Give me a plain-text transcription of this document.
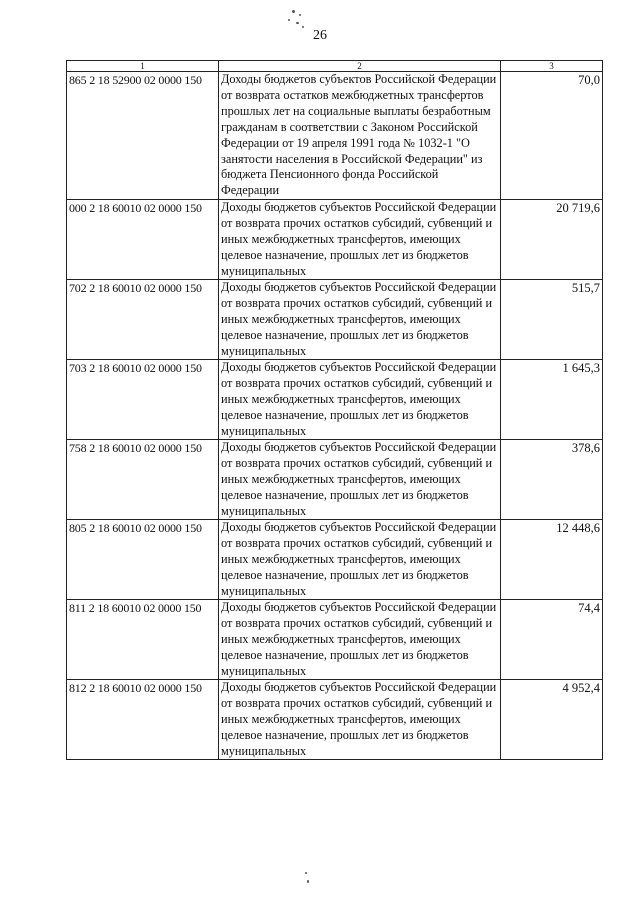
26
1	2	3
865 2 18 52900 02 0000 150	Доходы бюджетов субъектов Российской Федерации от возврата остатков межбюджетных трансфертов прошлых лет на социальные выплаты безработным гражданам в соответствии с Законом Российской Федерации от 19 апреля 1991 года № 1032-1 "О занятости населения в Российской Федерации" из бюджета Пенсионного фонда Российской Федерации	70,0
000 2 18 60010 02 0000 150	Доходы бюджетов субъектов Российской Федерации от возврата прочих остатков субсидий, субвенций и иных межбюджетных трансфертов, имеющих целевое назначение, прошлых лет из бюджетов муниципальных	20 719,6
702 2 18 60010 02 0000 150	Доходы бюджетов субъектов Российской Федерации от возврата прочих остатков субсидий, субвенций и иных межбюджетных трансфертов, имеющих целевое назначение, прошлых лет из бюджетов муниципальных	515,7
703 2 18 60010 02 0000 150	Доходы бюджетов субъектов Российской Федерации от возврата прочих остатков субсидий, субвенций и иных межбюджетных трансфертов, имеющих целевое назначение, прошлых лет из бюджетов муниципальных	1 645,3
758 2 18 60010 02 0000 150	Доходы бюджетов субъектов Российской Федерации от возврата прочих остатков субсидий, субвенций и иных межбюджетных трансфертов, имеющих целевое назначение, прошлых лет из бюджетов муниципальных	378,6
805 2 18 60010 02 0000 150	Доходы бюджетов субъектов Российской Федерации от возврата прочих остатков субсидий, субвенций и иных межбюджетных трансфертов, имеющих целевое назначение, прошлых лет из бюджетов муниципальных	12 448,6
811 2 18 60010 02 0000 150	Доходы бюджетов субъектов Российской Федерации от возврата прочих остатков субсидий, субвенций и иных межбюджетных трансфертов, имеющих целевое назначение, прошлых лет из бюджетов муниципальных	74,4
812 2 18 60010 02 0000 150	Доходы бюджетов субъектов Российской Федерации от возврата прочих остатков субсидий, субвенций и иных межбюджетных трансфертов, имеющих целевое назначение, прошлых лет из бюджетов муниципальных	4 952,4
